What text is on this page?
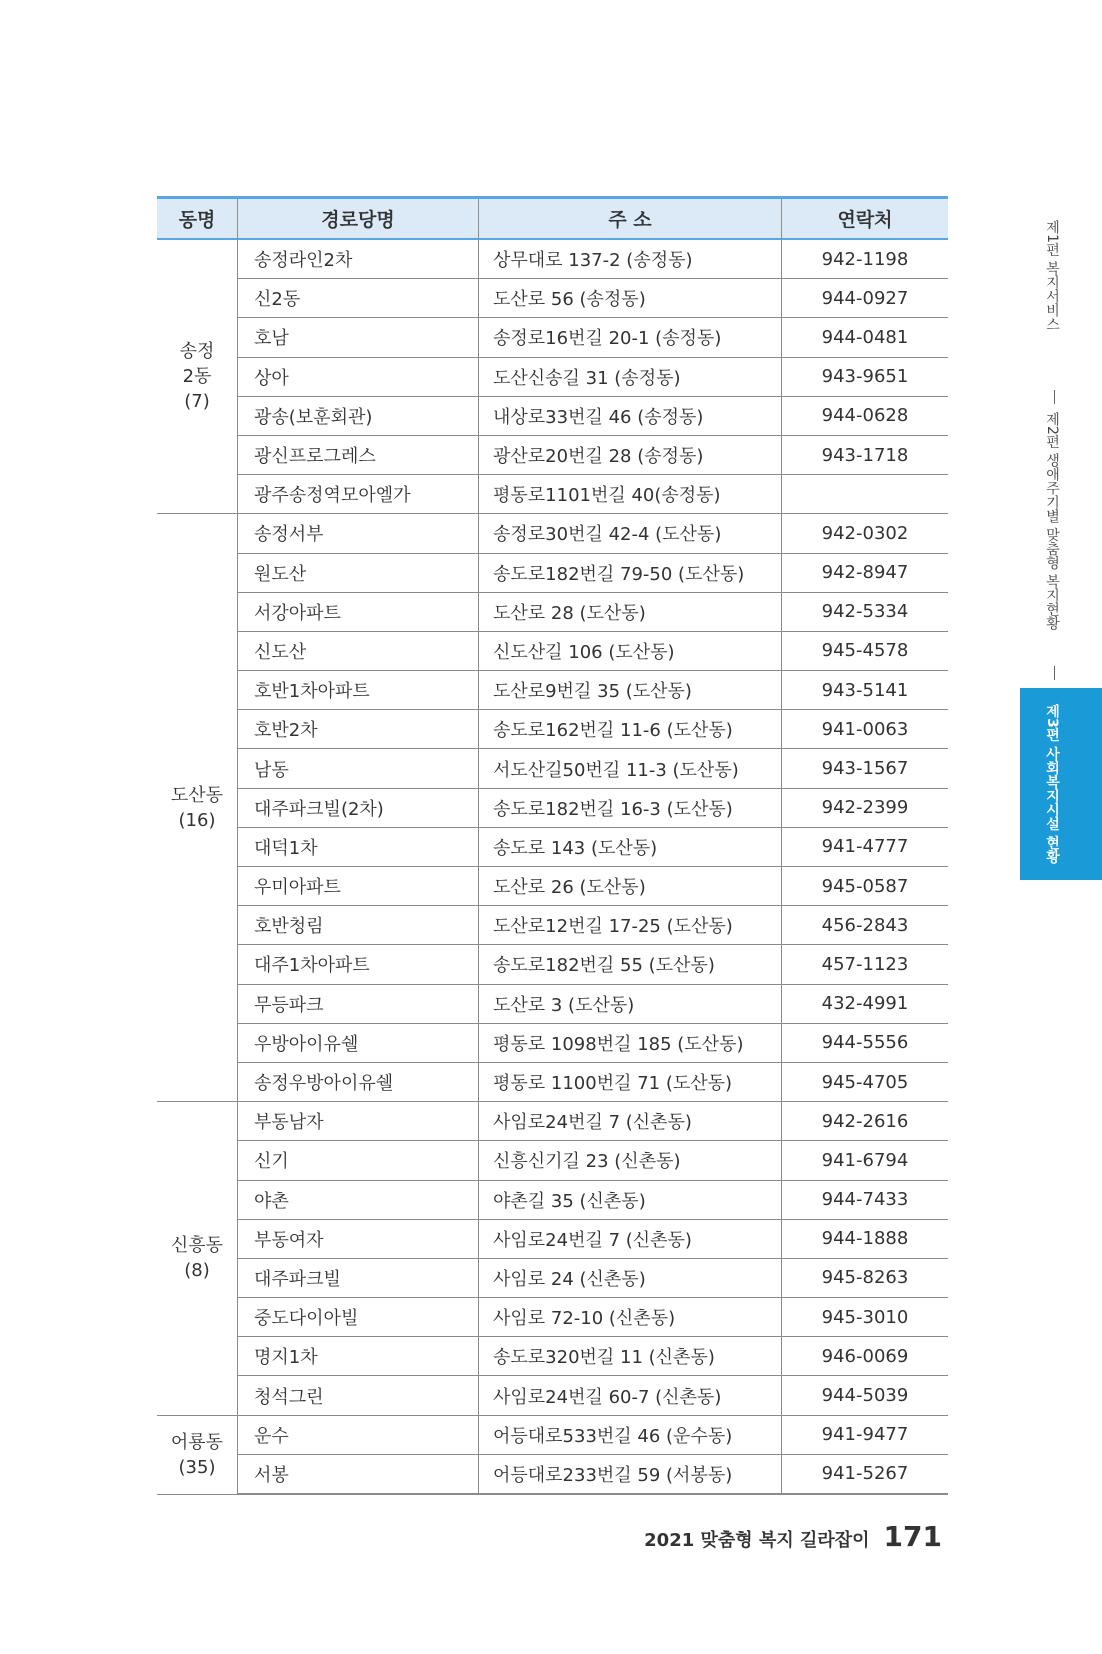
동명	경로당명	주 소	연락처
송정
2동
(7)	송정라인2차	상무대로 137-2 (송정동)	942-1198
	신2동	도산로 56 (송정동)	944-0927
	호남	송정로16번길 20-1 (송정동)	944-0481
	상아	도산신송길 31 (송정동)	943-9651
	광송(보훈회관)	내상로33번길 46 (송정동)	944-0628
	광신프로그레스	광산로20번길 28 (송정동)	943-1718
	광주송정역모아엘가	평동로1101번길 40(송정동)	
도산동
(16)	송정서부	송정로30번길 42-4 (도산동)	942-0302
	원도산	송도로182번길 79-50 (도산동)	942-8947
	서강아파트	도산로 28 (도산동)	942-5334
	신도산	신도산길 106 (도산동)	945-4578
	호반1차아파트	도산로9번길 35 (도산동)	943-5141
	호반2차	송도로162번길 11-6 (도산동)	941-0063
	남동	서도산길50번길 11-3 (도산동)	943-1567
	대주파크빌(2차)	송도로182번길 16-3 (도산동)	942-2399
	대덕1차	송도로 143 (도산동)	941-4777
	우미아파트	도산로 26 (도산동)	945-0587
	호반청림	도산로12번길 17-25 (도산동)	456-2843
	대주1차아파트	송도로182번길 55 (도산동)	457-1123
	무등파크	도산로 3 (도산동)	432-4991
	우방아이유쉘	평동로 1098번길 185 (도산동)	944-5556
	송정우방아이유쉘	평동로 1100번길 71 (도산동)	945-4705
신흥동
(8)	부동남자	사임로24번길 7 (신촌동)	942-2616
	신기	신흥신기길 23 (신촌동)	941-6794
	야촌	야촌길 35 (신촌동)	944-7433
	부동여자	사임로24번길 7 (신촌동)	944-1888
	대주파크빌	사임로 24 (신촌동)	945-8263
	중도다이아빌	사임로 72-10 (신촌동)	945-3010
	명지1차	송도로320번길 11 (신촌동)	946-0069
	청석그린	사임로24번길 60-7 (신촌동)	944-5039
어룡동
(35)	운수	어등대로533번길 46 (운수동)	941-9477
	서봉	어등대로233번길 59 (서봉동)	941-5267
제1편 복지서비스
제2편 생애주기별 맞춤형 복지현황
제3편 사회복지시설 현황
2021 맞춤형 복지 길라잡이 171
